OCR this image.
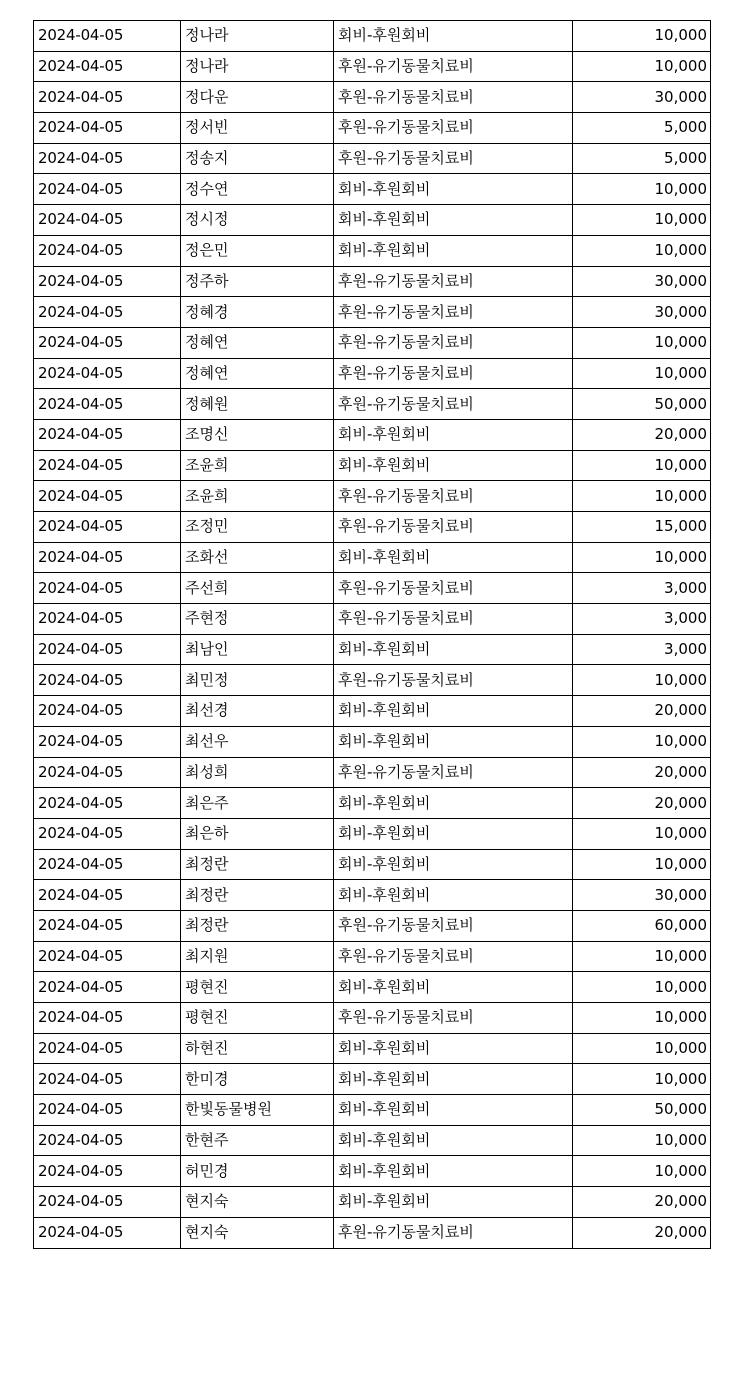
2024-04-05	정나라	회비-후원회비	10,000
2024-04-05	정나라	후원-유기동물치료비	10,000
2024-04-05	정다운	후원-유기동물치료비	30,000
2024-04-05	정서빈	후원-유기동물치료비	5,000
2024-04-05	정송지	후원-유기동물치료비	5,000
2024-04-05	정수연	회비-후원회비	10,000
2024-04-05	정시정	회비-후원회비	10,000
2024-04-05	정은민	회비-후원회비	10,000
2024-04-05	정주하	후원-유기동물치료비	30,000
2024-04-05	정혜경	후원-유기동물치료비	30,000
2024-04-05	정혜연	후원-유기동물치료비	10,000
2024-04-05	정혜연	후원-유기동물치료비	10,000
2024-04-05	정혜원	후원-유기동물치료비	50,000
2024-04-05	조명신	회비-후원회비	20,000
2024-04-05	조윤희	회비-후원회비	10,000
2024-04-05	조윤희	후원-유기동물치료비	10,000
2024-04-05	조정민	후원-유기동물치료비	15,000
2024-04-05	조화선	회비-후원회비	10,000
2024-04-05	주선희	후원-유기동물치료비	3,000
2024-04-05	주현정	후원-유기동물치료비	3,000
2024-04-05	최남인	회비-후원회비	3,000
2024-04-05	최민정	후원-유기동물치료비	10,000
2024-04-05	최선경	회비-후원회비	20,000
2024-04-05	최선우	회비-후원회비	10,000
2024-04-05	최성희	후원-유기동물치료비	20,000
2024-04-05	최은주	회비-후원회비	20,000
2024-04-05	최은하	회비-후원회비	10,000
2024-04-05	최정란	회비-후원회비	10,000
2024-04-05	최정란	회비-후원회비	30,000
2024-04-05	최정란	후원-유기동물치료비	60,000
2024-04-05	최지원	후원-유기동물치료비	10,000
2024-04-05	평현진	회비-후원회비	10,000
2024-04-05	평현진	후원-유기동물치료비	10,000
2024-04-05	하현진	회비-후원회비	10,000
2024-04-05	한미경	회비-후원회비	10,000
2024-04-05	한빛동물병원	회비-후원회비	50,000
2024-04-05	한현주	회비-후원회비	10,000
2024-04-05	허민경	회비-후원회비	10,000
2024-04-05	현지숙	회비-후원회비	20,000
2024-04-05	현지숙	후원-유기동물치료비	20,000
